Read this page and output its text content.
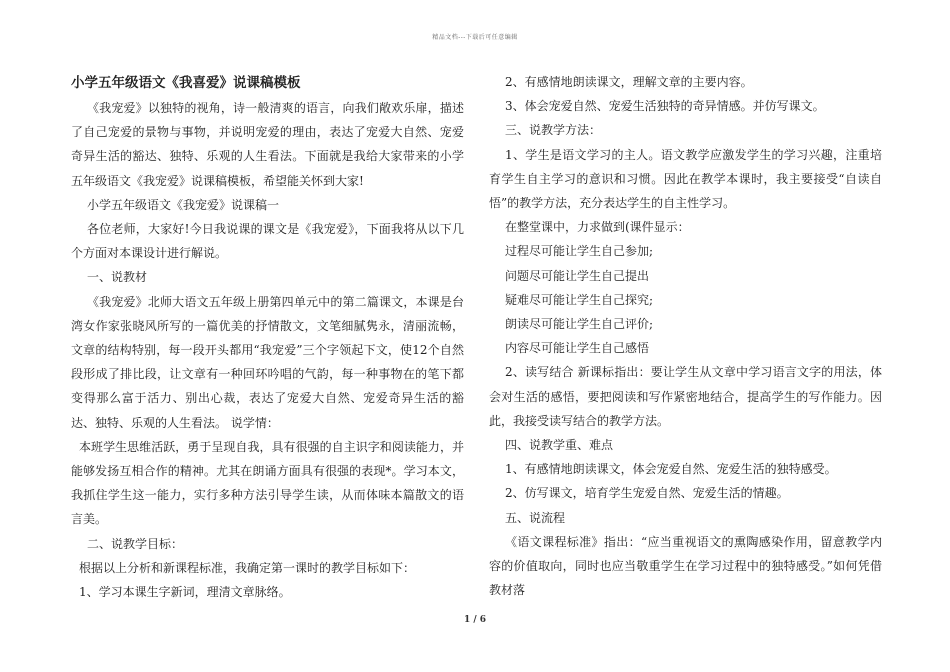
精品文档---下载后可任意编辑

小学五年级语文《我喜爱》说课稿模板

《我宠爱》以独特的视角，诗一般清爽的语言，向我们敞欢乐扉，描述了自己宠爱的景物与事物，并说明宠爱的理由，表达了宠爱大自然、宠爱奇异生活的豁达、独特、乐观的人生看法。下面就是我给大家带来的小学五年级语文《我宠爱》说课稿模板，希望能关怀到大家!

小学五年级语文《我宠爱》说课稿一

各位老师，大家好!今日我说课的课文是《我宠爱》，下面我将从以下几个方面对本课设计进行解说。

一、说教材

《我宠爱》北师大语文五年级上册第四单元中的第二篇课文，本课是台湾女作家张晓风所写的一篇优美的抒情散文，文笔细腻隽永，清丽流畅，文章的结构特别，每一段开头都用“我宠爱”三个字领起下文，使12个自然段形成了排比段，让文章有一种回环吟唱的气韵，每一种事物在的笔下都变得那么富于活力、别出心裁，表达了宠爱大自然、宠爱奇异生活的豁达、独特、乐观的人生看法。 说学情：

本班学生思维活跃，勇于呈现自我，具有很强的自主识字和阅读能力，并能够发扬互相合作的精神。尤其在朗诵方面具有很强的表现*。学习本文，我抓住学生这一能力，实行多种方法引导学生读，从而体味本篇散文的语言美。

二、说教学目标：

根据以上分析和新课程标准，我确定第一课时的教学目标如下：

1、学习本课生字新词，理清文章脉络。

2、有感情地朗读课文，理解文章的主要内容。

3、体会宠爱自然、宠爱生活独特的奇异情感。并仿写课文。

三、说教学方法：

1、学生是语文学习的主人。语文教学应激发学生的学习兴趣，注重培育学生自主学习的意识和习惯。因此在教学本课时，我主要接受“自读自悟”的教学方法，充分表达学生的自主性学习。

在整堂课中，力求做到(课件显示：

过程尽可能让学生自己参加;

问题尽可能让学生自己提出

疑难尽可能让学生自己探究;

朗读尽可能让学生自己评价;

内容尽可能让学生自己感悟

2、读写结合 新课标指出：要让学生从文章中学习语言文字的用法，体会对生活的感悟，要把阅读和写作紧密地结合，提高学生的写作能力。因此，我接受读写结合的教学方法。

四、说教学重、难点

1、有感情地朗读课文，体会宠爱自然、宠爱生活的独特感受。

2、仿写课文，培育学生宠爱自然、宠爱生活的情趣。

五、说流程

《语文课程标准》指出：“应当重视语文的熏陶感染作用，留意教学内容的价值取向，同时也应当敬重学生在学习过程中的独特感受。”如何凭借教材落

1 / 6
